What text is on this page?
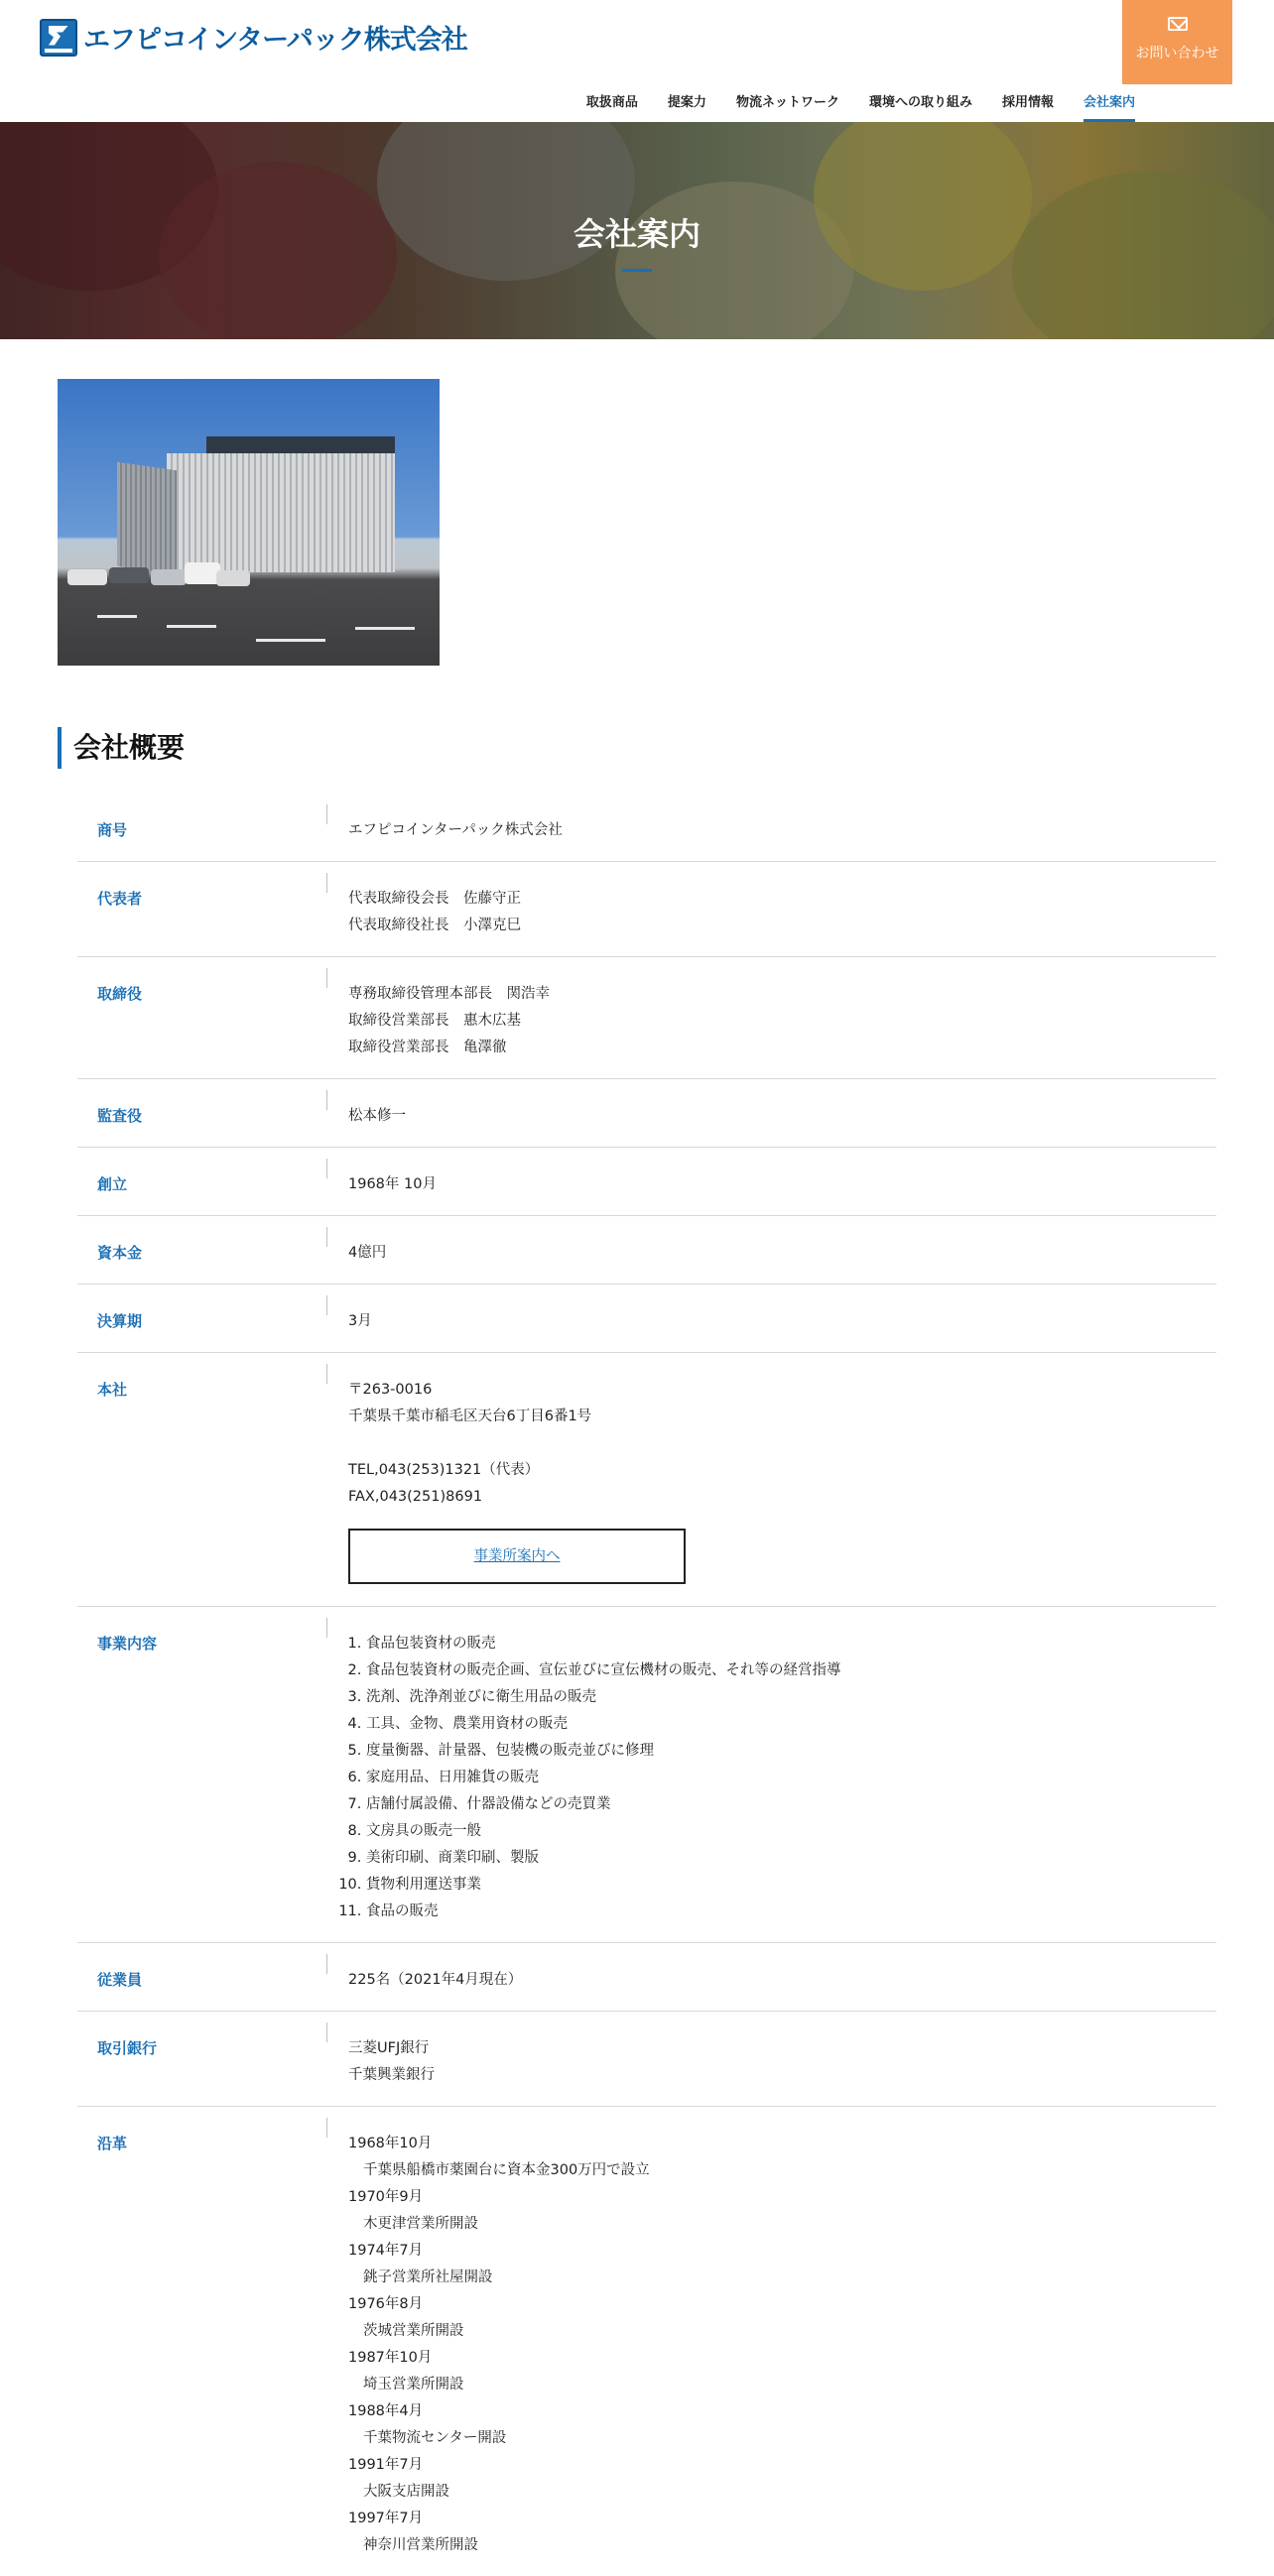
エフピコインターパック株式会社	お問い合わせ
取扱商品 提案力 物流ネットワーク 環境への取り組み 採用情報 会社案内
会社案内
会社概要
商号	エフピコインターパック株式会社
代表者	代表取締役会長　佐藤守正
代表取締役社長　小澤克巳
取締役	専務取締役管理本部長　関浩幸
取締役営業部長　惠木広基
取締役営業部長　亀澤徹
監査役	松本修一
創立	1968年 10月
資本金	4億円
決算期	3月
本社	〒263-0016
千葉県千葉市稲毛区天台6丁目6番1号
TEL,043(253)1321（代表）
FAX,043(251)8691
事業所案内へ
事業内容
1.	食品包装資材の販売
2. 食品包装資材の販売企画、宣伝並びに宣伝機材の販売、それ等の経営指導
3. 洗剤、洗浄剤並びに衛生用品の販売
4. 工具、金物、農業用資材の販売
5. 度量衡器、計量器、包装機の販売並びに修理
6. 家庭用品、日用雑貨の販売
7. 店舗付属設備、什器設備などの売買業
8. 文房具の販売一般
9. 美術印刷、商業印刷、製版
10. 貨物利用運送事業
11. 食品の販売
従業員	225名（2021年4月現在）
取引銀行	三菱UFJ銀行
千葉興業銀行
沿革	1968年10月
千葉県船橋市薬園台に資本金300万円で設立
1970年9月
木更津営業所開設
1974年7月
銚子営業所社屋開設
1976年8月
茨城営業所開設
1987年10月
埼玉営業所開設
1988年4月
千葉物流センター開設
1991年7月
大阪支店開設
1997年7月
神奈川営業所開設
